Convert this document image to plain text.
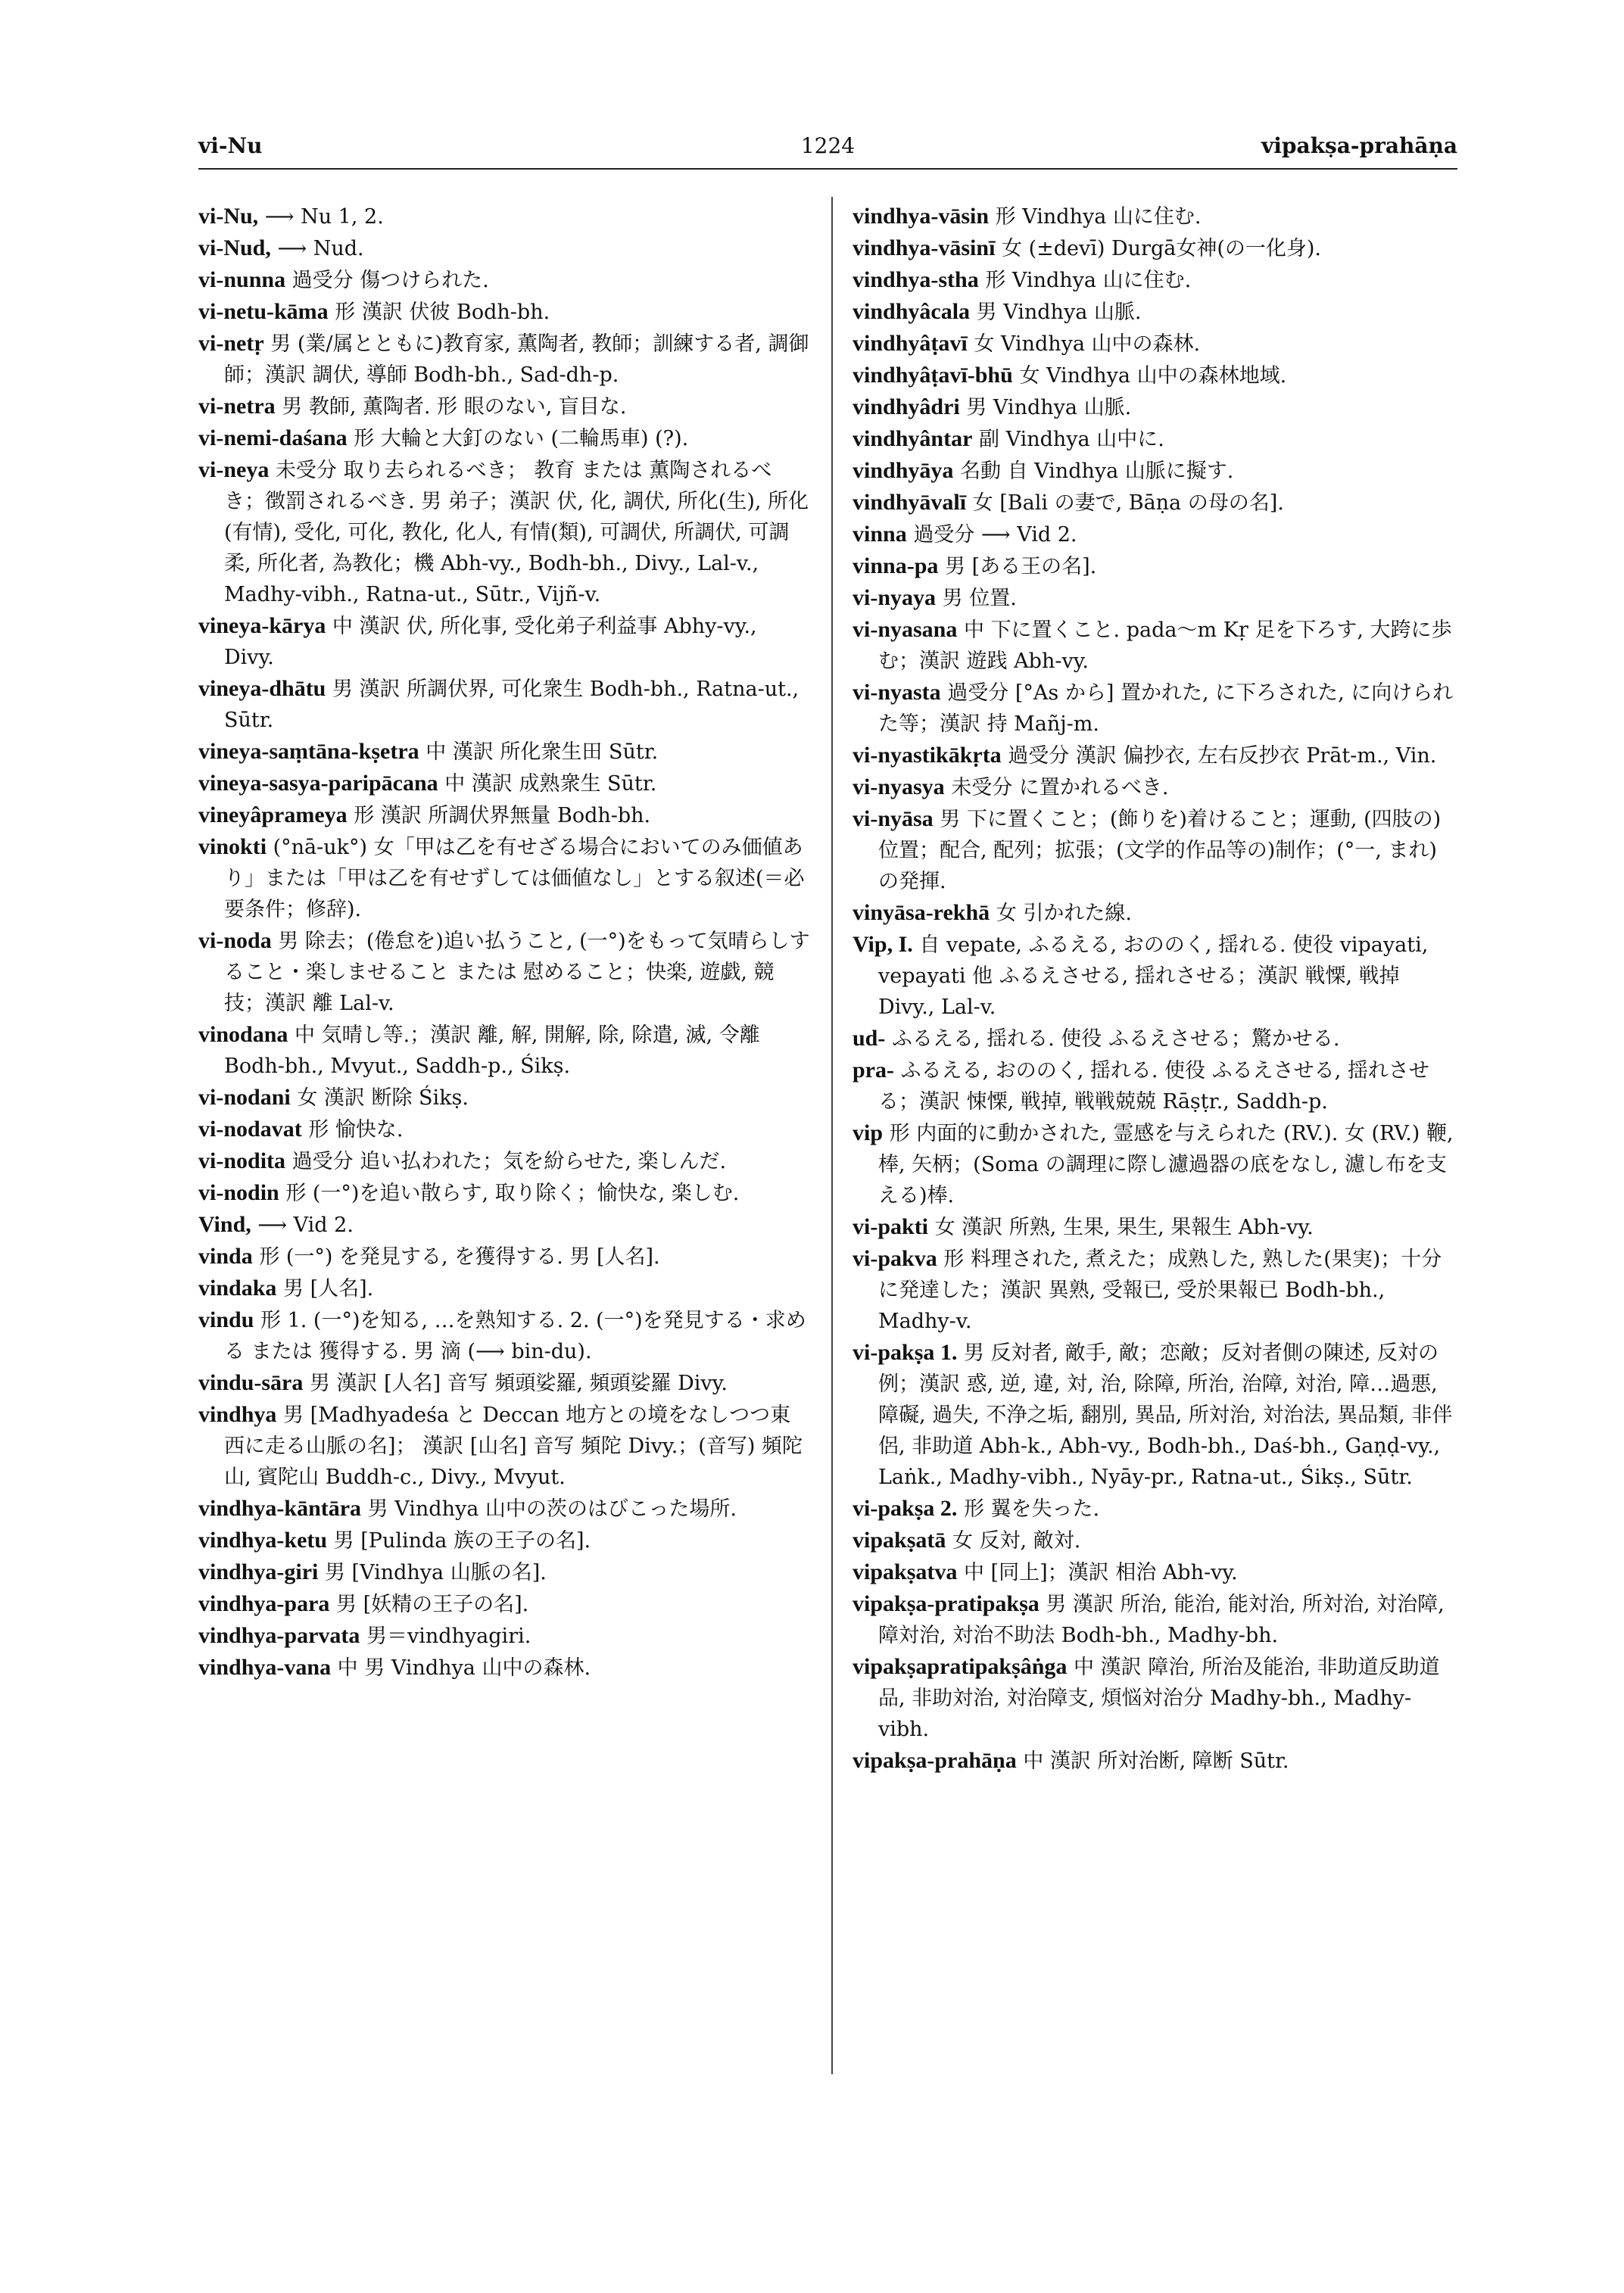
vi-Nu	1224	vipakṣa-prahāṇa

vi-Nu, ⟶ Nu 1, 2.

vi-Nud, ⟶ Nud.

vi-nunna 過受分 傷つけられた.

vi-netu-kāma 形 漢訳 伏彼 Bodh-bh.

vi-netṛ 男 (業/属とともに)教育家, 薫陶者, 教師；訓練する者, 調御師；漢訳 調伏, 導師 Bodh-bh., Sad-dh-p.

vi-netra 男 教師, 薫陶者. 形 眼のない, 盲目な.

vi-nemi-daśana 形 大輪と大釘のない (二輪馬車) (?).

vi-neya 未受分 取り去られるべき； 教育 または 薫陶されるべき；徴罰されるべき. 男 弟子；漢訳 伏, 化, 調伏, 所化(生), 所化(有情), 受化, 可化, 教化, 化人, 有情(類), 可調伏, 所調伏, 可調柔, 所化者, 為教化；機 Abh-vy., Bodh-bh., Divy., Lal-v., Madhy-vibh., Ratna-ut., Sūtr., Vijñ-v.

vineya-kārya 中 漢訳 伏, 所化事, 受化弟子利益事 Abhy-vy., Divy.

vineya-dhātu 男 漢訳 所調伏界, 可化衆生 Bodh-bh., Ratna-ut., Sūtr.

vineya-saṃtāna-kṣetra 中 漢訳 所化衆生田 Sūtr.

vineya-sasya-paripācana 中 漢訳 成熟衆生 Sūtr.

vineyâprameya 形 漢訳 所調伏界無量 Bodh-bh.

vinokti (°nā-uk°) 女「甲は乙を有せざる場合においてのみ価値あり」または「甲は乙を有せずしては価値なし」とする叙述(＝必要条件；修辞).

vi-noda 男 除去；(倦怠を)追い払うこと, (一°)をもって気晴らしすること・楽しませること または 慰めること；快楽, 遊戯, 競技；漢訳 離 Lal-v.

vinodana 中 気晴し等.；漢訳 離, 解, 開解, 除, 除遣, 滅, 令離 Bodh-bh., Mvyut., Saddh-p., Śikṣ.

vi-nodani 女 漢訳 断除 Śikṣ.

vi-nodavat 形 愉快な.

vi-nodita 過受分 追い払われた；気を紛らせた, 楽しんだ.

vi-nodin 形 (一°)を追い散らす, 取り除く；愉快な, 楽しむ.

Vind, ⟶ Vid 2.

vinda 形 (一°) を発見する, を獲得する. 男 [人名].

vindaka 男 [人名].

vindu 形 1. (一°)を知る, …を熟知する. 2. (一°)を発見する・求める または 獲得する. 男 滴 (⟶ bin-du).

vindu-sāra 男 漢訳 [人名] 音写 頻頭娑羅, 頻頭娑羅 Divy.

vindhya 男 [Madhyadeśa と Deccan 地方との境をなしつつ東西に走る山脈の名]； 漢訳 [山名] 音写 頻陀 Divy.；(音写) 頻陀山, 賓陀山 Buddh-c., Divy., Mvyut.

vindhya-kāntāra 男 Vindhya 山中の茨のはびこった場所.

vindhya-ketu 男 [Pulinda 族の王子の名].

vindhya-giri 男 [Vindhya 山脈の名].

vindhya-para 男 [妖精の王子の名].

vindhya-parvata 男＝vindhyagiri.

vindhya-vana 中 男 Vindhya 山中の森林.

vindhya-vāsin 形 Vindhya 山に住む.

vindhya-vāsinī 女 (±devī) Durgā女神(の一化身).

vindhya-stha 形 Vindhya 山に住む.

vindhyâcala 男 Vindhya 山脈.

vindhyâṭavī 女 Vindhya 山中の森林.

vindhyâṭavī-bhū 女 Vindhya 山中の森林地域.

vindhyâdri 男 Vindhya 山脈.

vindhyântar 副 Vindhya 山中に.

vindhyāya 名動 自 Vindhya 山脈に擬す.

vindhyāvalī 女 [Bali の妻で, Bāṇa の母の名].

vinna 過受分 ⟶ Vid 2.

vinna-pa 男 [ある王の名].

vi-nyaya 男 位置.

vi-nyasana 中 下に置くこと. pada〜m Kṛ 足を下ろす, 大跨に歩む；漢訳 遊践 Abh-vy.

vi-nyasta 過受分 [°As から] 置かれた, に下ろされた, に向けられた等；漢訳 持 Mañj-m.

vi-nyastikākṛta 過受分 漢訳 偏抄衣, 左右反抄衣 Prāt-m., Vin.

vi-nyasya 未受分 に置かれるべき.

vi-nyāsa 男 下に置くこと；(飾りを)着けること；運動, (四肢の)位置；配合, 配列；拡張；(文学的作品等の)制作；(°一, まれ) の発揮.

vinyāsa-rekhā 女 引かれた線.

Vip, I. 自 vepate, ふるえる, おののく, 揺れる. 使役 vipayati, vepayati 他 ふるえさせる, 揺れさせる；漢訳 戦慄, 戦掉 Divy., Lal-v.

ud- ふるえる, 揺れる. 使役 ふるえさせる；驚かせる.

pra- ふるえる, おののく, 揺れる. 使役 ふるえさせる, 揺れさせる；漢訳 悚慄, 戦掉, 戦戦兢兢 Rāṣṭr., Saddh-p.

vip 形 内面的に動かされた, 霊感を与えられた (RV.). 女 (RV.) 鞭, 棒, 矢柄；(Soma の調理に際し濾過器の底をなし, 濾し布を支える)棒.

vi-pakti 女 漢訳 所熟, 生果, 果生, 果報生 Abh-vy.

vi-pakva 形 料理された, 煮えた；成熟した, 熟した(果実)；十分に発達した；漢訳 異熟, 受報已, 受於果報已 Bodh-bh., Madhy-v.

vi-pakṣa 1. 男 反対者, 敵手, 敵；恋敵；反対者側の陳述, 反対の例；漢訳 惑, 逆, 違, 対, 治, 除障, 所治, 治障, 対治, 障…過悪, 障礙, 過失, 不浄之垢, 翻別, 異品, 所対治, 対治法, 異品類, 非伴侶, 非助道 Abh-k., Abh-vy., Bodh-bh., Daś-bh., Gaṇḍ-vy., Laṅk., Madhy-vibh., Nyāy-pr., Ratna-ut., Śikṣ., Sūtr.

vi-pakṣa 2. 形 翼を失った.

vipakṣatā 女 反対, 敵対.

vipakṣatva 中 [同上]；漢訳 相治 Abh-vy.

vipakṣa-pratipakṣa 男 漢訳 所治, 能治, 能対治, 所対治, 対治障, 障対治, 対治不助法 Bodh-bh., Madhy-bh.

vipakṣapratipakṣâṅga 中 漢訳 障治, 所治及能治, 非助道反助道品, 非助対治, 対治障支, 煩悩対治分 Madhy-bh., Madhy-vibh.

vipakṣa-prahāṇa 中 漢訳 所対治断, 障断 Sūtr.
